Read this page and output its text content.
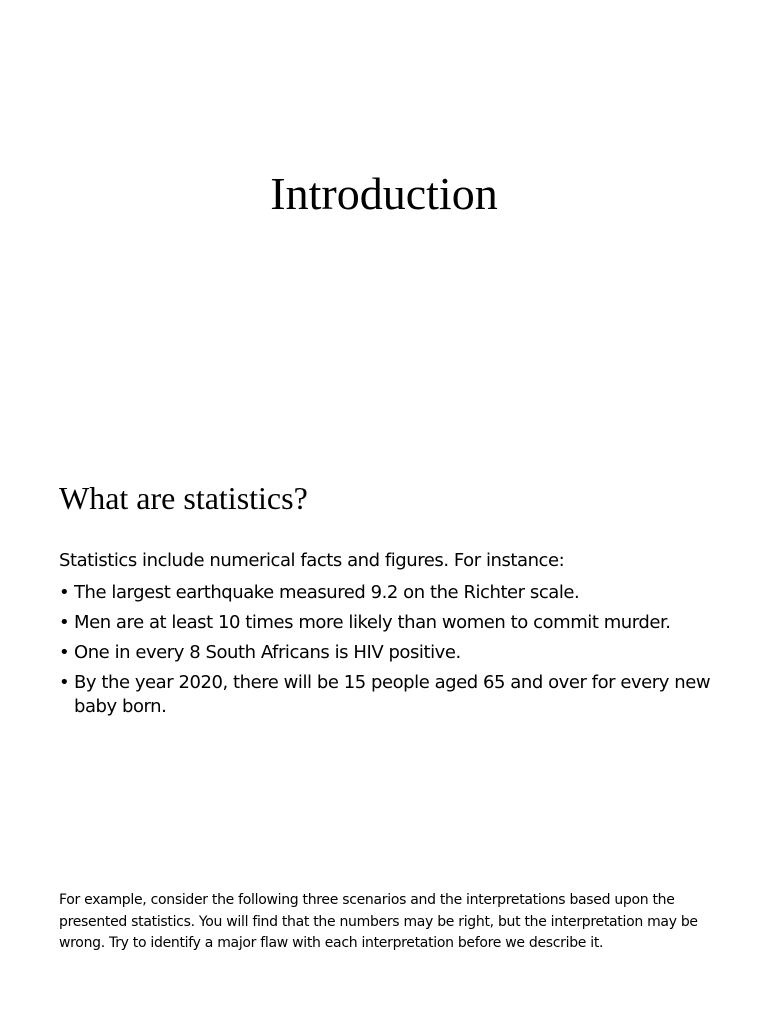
Introduction
What are statistics?

Statistics include numerical facts and figures. For instance:

• The largest earthquake measured 9.2 on the Richter scale.
• Men are at least 10 times more likely than women to commit murder.
• One in every 8 South Africans is HIV positive.
• By the year 2020, there will be 15 people aged 65 and over for every new baby born.

For example, consider the following three scenarios and the interpretations based upon the presented statistics. You will find that the numbers may be right, but the interpretation may be wrong. Try to identify a major flaw with each interpretation before we describe it.
